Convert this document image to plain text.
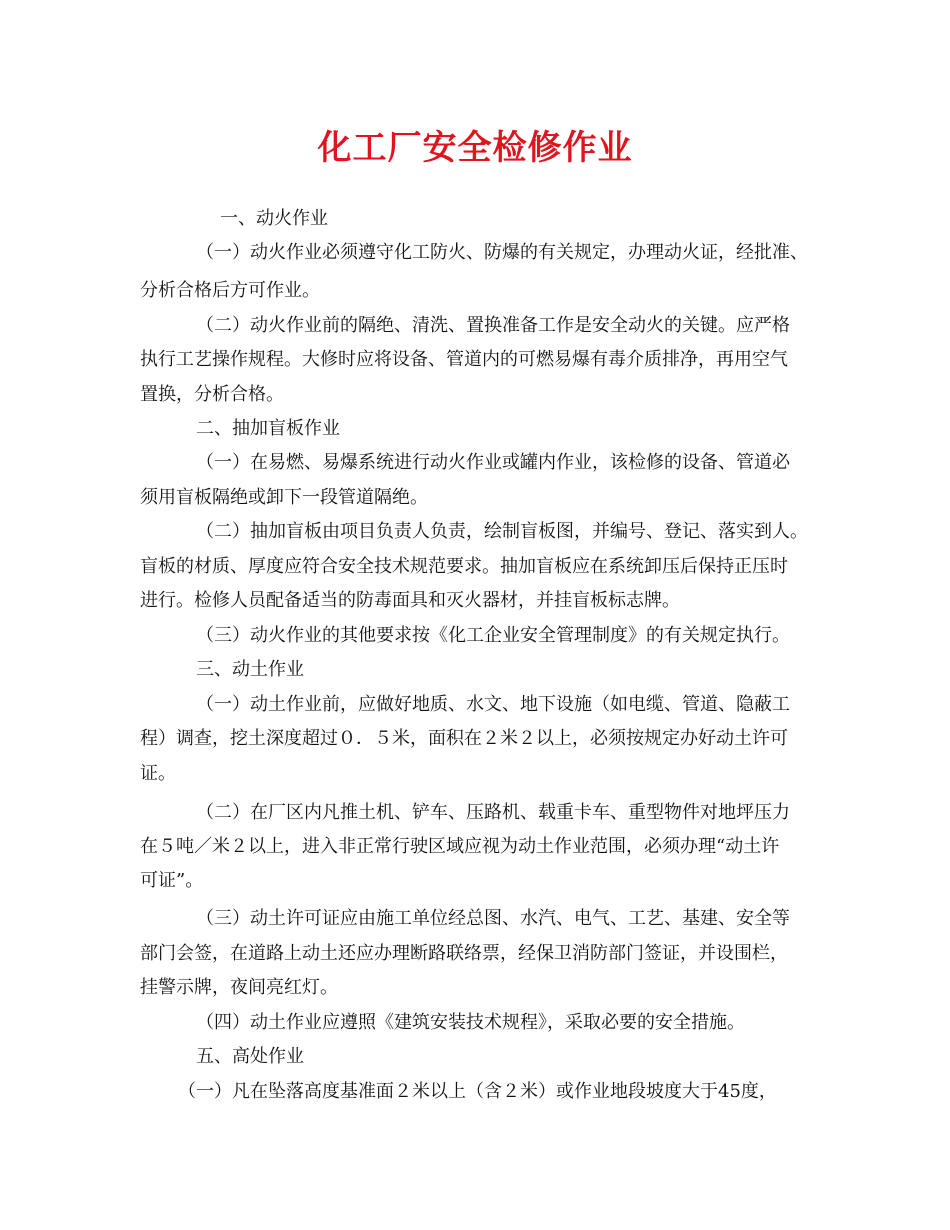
化工厂安全检修作业

一、动火作业

（一）动火作业必须遵守化工防火、防爆的有关规定，办理动火证，经批准、

分析合格后方可作业。

（二）动火作业前的隔绝、清洗、置换准备工作是安全动火的关键。应严格

执行工艺操作规程。大修时应将设备、管道内的可燃易爆有毒介质排净，再用空气

置换，分析合格。

二、抽加盲板作业

（一）在易燃、易爆系统进行动火作业或罐内作业，该检修的设备、管道必

须用盲板隔绝或卸下一段管道隔绝。

（二）抽加盲板由项目负责人负责，绘制盲板图，并编号、登记、落实到人。

盲板的材质、厚度应符合安全技术规范要求。抽加盲板应在系统卸压后保持正压时

进行。检修人员配备适当的防毒面具和灭火器材，并挂盲板标志牌。

（三）动火作业的其他要求按《化工企业安全管理制度》的有关规定执行。

三、动土作业

（一）动土作业前，应做好地质、水文、地下设施（如电缆、管道、隐蔽工

程）调查，挖土深度超过０．５米，面积在２米２以上，必须按规定办好动土许可

证。

（二）在厂区内凡推土机、铲车、压路机、载重卡车、重型物件对地坪压力

在５吨／米２以上，进入非正常行驶区域应视为动土作业范围，必须办理“动土许

可证”。

（三）动土许可证应由施工单位经总图、水汽、电气、工艺、基建、安全等

部门会签，在道路上动土还应办理断路联络票，经保卫消防部门签证，并设围栏，

挂警示牌，夜间亮红灯。

（四）动土作业应遵照《建筑安装技术规程》，采取必要的安全措施。

五、高处作业

（一）凡在坠落高度基准面２米以上（含２米）或作业地段坡度大于45度，
